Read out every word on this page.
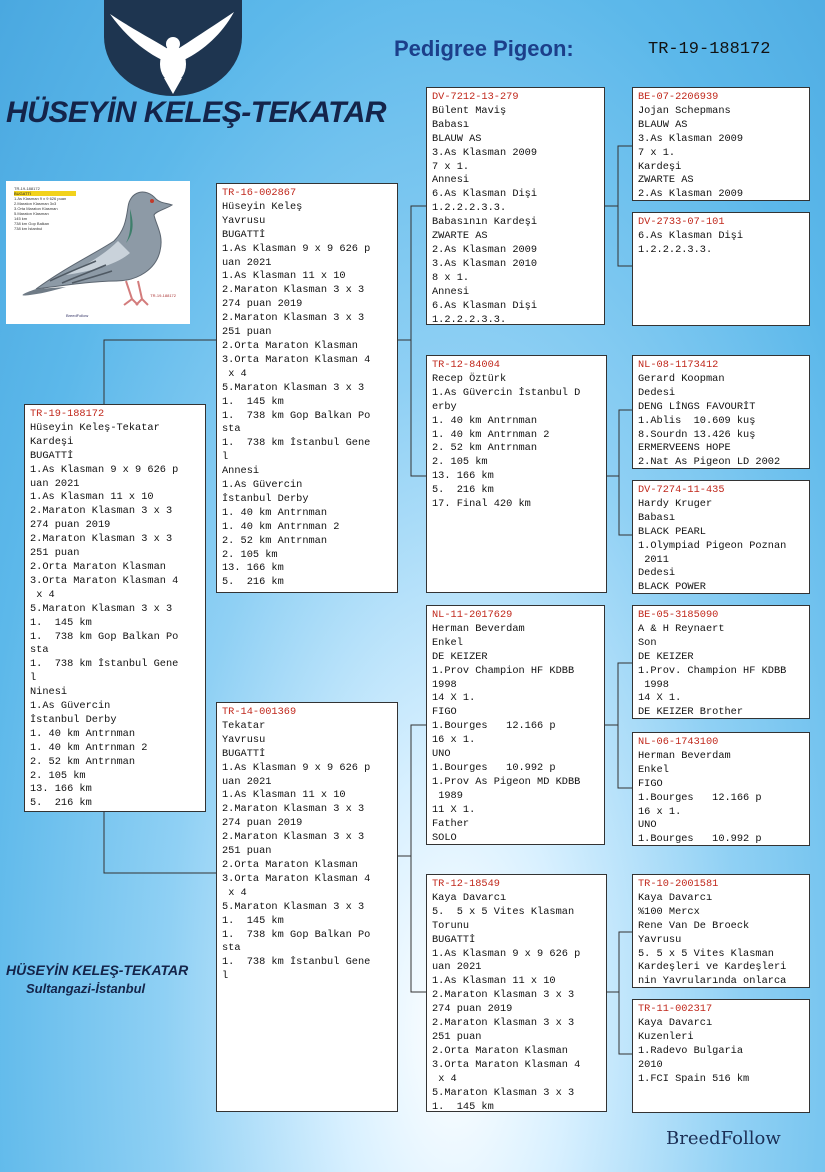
HÜSEYİN KELEŞ-TEKATAR
Pedigree Pigeon:	TR-19-188172
TR-19-188172
BUGATTİ
1.As Klasman 9 x 9 626 puan
2.Maraton Klasman 3x3
3.Orta Maraton Klasman
5.Maraton Klasman
145 km
738 km Gop Balkan
738 km İstanbul
TR-19-188172
BreedFollow
TR-19-188172
Hüseyin Keleş-Tekatar
Kardeşi
BUGATTİ
1.As Klasman 9 x 9 626 p
uan 2021
1.As Klasman 11 x 10
2.Maraton Klasman 3 x 3
274 puan 2019
2.Maraton Klasman 3 x 3
251 puan
2.Orta Maraton Klasman
3.Orta Maraton Klasman 4
x 4
5.Maraton Klasman 3 x 3
1.  145 km
1.  738 km Gop Balkan Po
sta
1.  738 km İstanbul Gene
l
Ninesi
1.As Güvercin
İstanbul Derby
1. 40 km Antrnman
1. 40 km Antrnman 2
2. 52 km Antrnman
2. 105 km
13. 166 km
5.  216 km
TR-16-002867
Hüseyin Keleş
Yavrusu
BUGATTİ
1.As Klasman 9 x 9 626 p
uan 2021
1.As Klasman 11 x 10
2.Maraton Klasman 3 x 3
274 puan 2019
2.Maraton Klasman 3 x 3
251 puan
2.Orta Maraton Klasman
3.Orta Maraton Klasman 4
x 4
5.Maraton Klasman 3 x 3
1.  145 km
1.  738 km Gop Balkan Po
sta
1.  738 km İstanbul Gene
l
Annesi
1.As Güvercin
İstanbul Derby
1. 40 km Antrnman
1. 40 km Antrnman 2
2. 52 km Antrnman
2. 105 km
13. 166 km
5.  216 km
TR-14-001369
Tekatar
Yavrusu
BUGATTİ
1.As Klasman 9 x 9 626 p
uan 2021
1.As Klasman 11 x 10
2.Maraton Klasman 3 x 3
274 puan 2019
2.Maraton Klasman 3 x 3
251 puan
2.Orta Maraton Klasman
3.Orta Maraton Klasman 4
x 4
5.Maraton Klasman 3 x 3
1.  145 km
1.  738 km Gop Balkan Po
sta
1.  738 km İstanbul Gene
l
DV-7212-13-279
Bülent Maviş
Babası
BLAUW AS
3.As Klasman 2009
7 x 1.
Annesi
6.As Klasman Dişi
1.2.2.2.3.3.
Babasının Kardeşi
ZWARTE AS
2.As Klasman 2009
3.As Klasman 2010
8 x 1.
Annesi
6.As Klasman Dişi
1.2.2.2.3.3.
TR-12-84004
Recep Öztürk
1.As Güvercin İstanbul D
erby
1. 40 km Antrnman
1. 40 km Antrnman 2
2. 52 km Antrnman
2. 105 km
13. 166 km
5.  216 km
17. Final 420 km
NL-11-2017629
Herman Beverdam
Enkel
DE KEIZER
1.Prov Champion HF KDBB
1998
14 X 1.
FIGO
1.Bourges   12.166 p
16 x 1.
UNO
1.Bourges   10.992 p
1.Prov As Pigeon MD KDBB
1989
11 X 1.
Father
SOLO
TR-12-18549
Kaya Davarcı
5.  5 x 5 Vites Klasman
Torunu
BUGATTİ
1.As Klasman 9 x 9 626 p
uan 2021
1.As Klasman 11 x 10
2.Maraton Klasman 3 x 3
274 puan 2019
2.Maraton Klasman 3 x 3
251 puan
2.Orta Maraton Klasman
3.Orta Maraton Klasman 4
x 4
5.Maraton Klasman 3 x 3
1.  145 km
BE-07-2206939
Jojan Schepmans
BLAUW AS
3.As Klasman 2009
7 x 1.
Kardeşi
ZWARTE AS
2.As Klasman 2009
DV-2733-07-101
6.As Klasman Dişi
1.2.2.2.3.3.
NL-08-1173412
Gerard Koopman
Dedesi
DENG LİNGS FAVOURİT
1.Ablis  10.609 kuş
8.Sourdn 13.426 kuş
ERMERVEENS HOPE
2.Nat As Pigeon LD 2002
DV-7274-11-435
Hardy Kruger
Babası
BLACK PEARL
1.Olympiad Pigeon Poznan
2011
Dedesi
BLACK POWER
BE-05-3185090
A & H Reynaert
Son
DE KEIZER
1.Prov. Champion HF KDBB
1998
14 X 1.
DE KEIZER Brother
NL-06-1743100
Herman Beverdam
Enkel
FIGO
1.Bourges   12.166 p
16 x 1.
UNO
1.Bourges   10.992 p
TR-10-2001581
Kaya Davarcı
%100 Mercx
Rene Van De Broeck
Yavrusu
5. 5 x 5 Vites Klasman
Kardeşleri ve Kardeşleri
nin Yavrularında onlarca
TR-11-002317
Kaya Davarcı
Kuzenleri
1.Radevo Bulgaria
2010
1.FCI Spain 516 km
HÜSEYİN KELEŞ-TEKATAR
Sultangazi-İstanbul
BreedFollow
